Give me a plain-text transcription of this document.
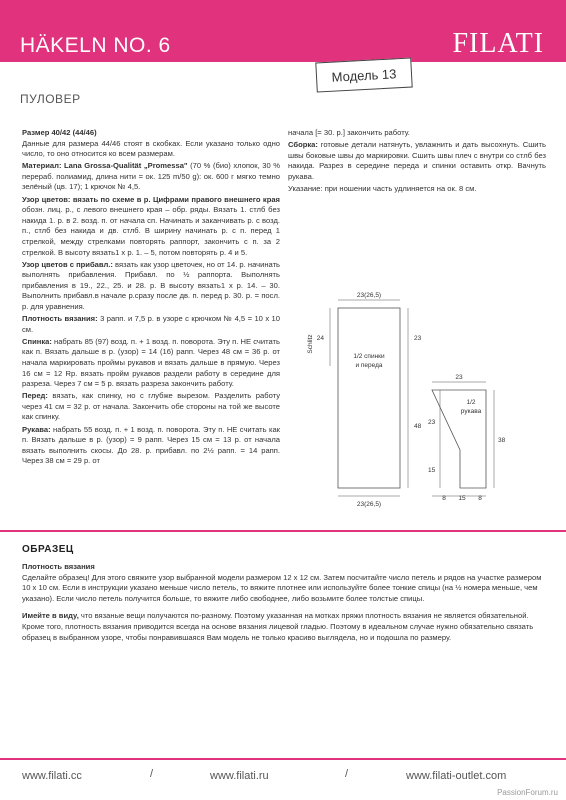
HÄKELN NO. 6	FILATI
Модель 13
ПУЛОВЕР

Размер 40/42 (44/46)
Данные для размера 44/46 стоят в скобках. Если указано только одно число, то оно относится ко всем размерам.

Материал: Lana Grossa-Qualität „Promessa" (70 % (био) хлопок, 30 % перераб. полиамид, длина нити = ок. 125 m/50 g): ок. 600 г мягко темно зелёный (цв. 17); 1 крючок № 4,5.

Узор цветов: вязать по схеме в р. Цифрами правого внешнего края обозн. лиц. р., с левого внешнего края – обр. ряды. Вязать 1. стлб без накида 1. р. в 2. возд. п. от начала сп. Начинать и заканчивать р. с возд. п., стлб без накида и дв. стлб. В ширину начинать р. с п. перед 1 стрелкой, между стрелками повторять раппорт, закончить с п. за 2 стрелкой. В высоту вязать1 х р. 1. – 5, потом повторять р. 4 и 5.

Узор цветов с прибавл.: вязать как узор цветочек, но от 14. р. начинать выполнять прибавления. Прибавл. по ½ раппорта. Выполнять прибавления в 19., 22., 25. и 28. р. В высоту вязать1 х р. 14. – 30. Выполнить прибавл.в начале р.сразу после дв. п. перед р. 30. р. = посл. р. для уравнения.

Плотность вязания: 3 рапп. и 7,5 р. в узоре с крючком № 4,5 = 10 х 10 см.

Спинка: набрать 85 (97) возд. п. + 1 возд. п. поворота. Эту п. НЕ считать как п. Вязать дальше в р. (узор) = 14 (16) рапп. Через 48 см = 36 р. от начала маркировать проймы рукавов и вязать дальше в прямую. Через 16 см = 12 Rp. вязать пройм рукавов раздели работу в середине для разреза. Через 7 см = 5 р. вязать разреза закончить работу.

Перед: вязать, как спинку, но с глубже вырезом. Разделить работу через 41 см = 32 р. от начала. Закончить обе стороны на той же высоте как спинку.

Рукава: набрать 55 возд. п. + 1 возд. п. поворота. Эту п. НЕ считать как п. Вязать дальше в р. (узор) = 9 рапп. Через 15 см = 13 р. от начала вязать выполнить скосы. До 28. р. прибавл. по 2½ рапп. = 14 рапп. Через 38 см = 29 р. от

начала [= 30. р.] закончить работу.

Сборка: готовые детали натянуть, увлажнить и дать высохнуть. Сшить швы боковые швы до маркировки. Сшить швы плеч с внутри со стлб без накида. Разрез в середине переда и спинки оставить откр. Вачнуть рукава.

Указание: при ношении часть удлиняется на ок. 8 см.

23(26,5)
23(26,5)
1/2 спинки
и переда
Schlitz 24	23
48
23
1/2
рукава
38
23
15
8 15 8
ОБРАЗЕЦ

Плотность вязания
Сделайте образец! Для этого свяжите узор выбранной модели размером 12 х 12 см. Затем посчитайте число петель и рядов на участке размером 10 х 10 см. Если в инструкции указано меньше число петель, то вяжите плотнее или используйте более тонкие спицы (на ½ номера меньше, чем указано). Если число петель получится больше, то вяжите либо свободнее, либо возьмите более толстые спицы.

Имейте в виду, что вязаные вещи получаются по-разному. Поэтому указанная на мотках пряжи плотность вязания не является обязательной. Кроме того, плотность вязания приводится всегда на основе вязания лицевой гладью. Поэтому в идеальном случае нужно обязательно связать образец в выбранном узоре, чтобы понравившаяся Вам модель не только красиво выглядела, но и подошла по размеру.

www.filati.cc	/	www.filati.ru	/	www.filati-outlet.com
PassionForum.ru
